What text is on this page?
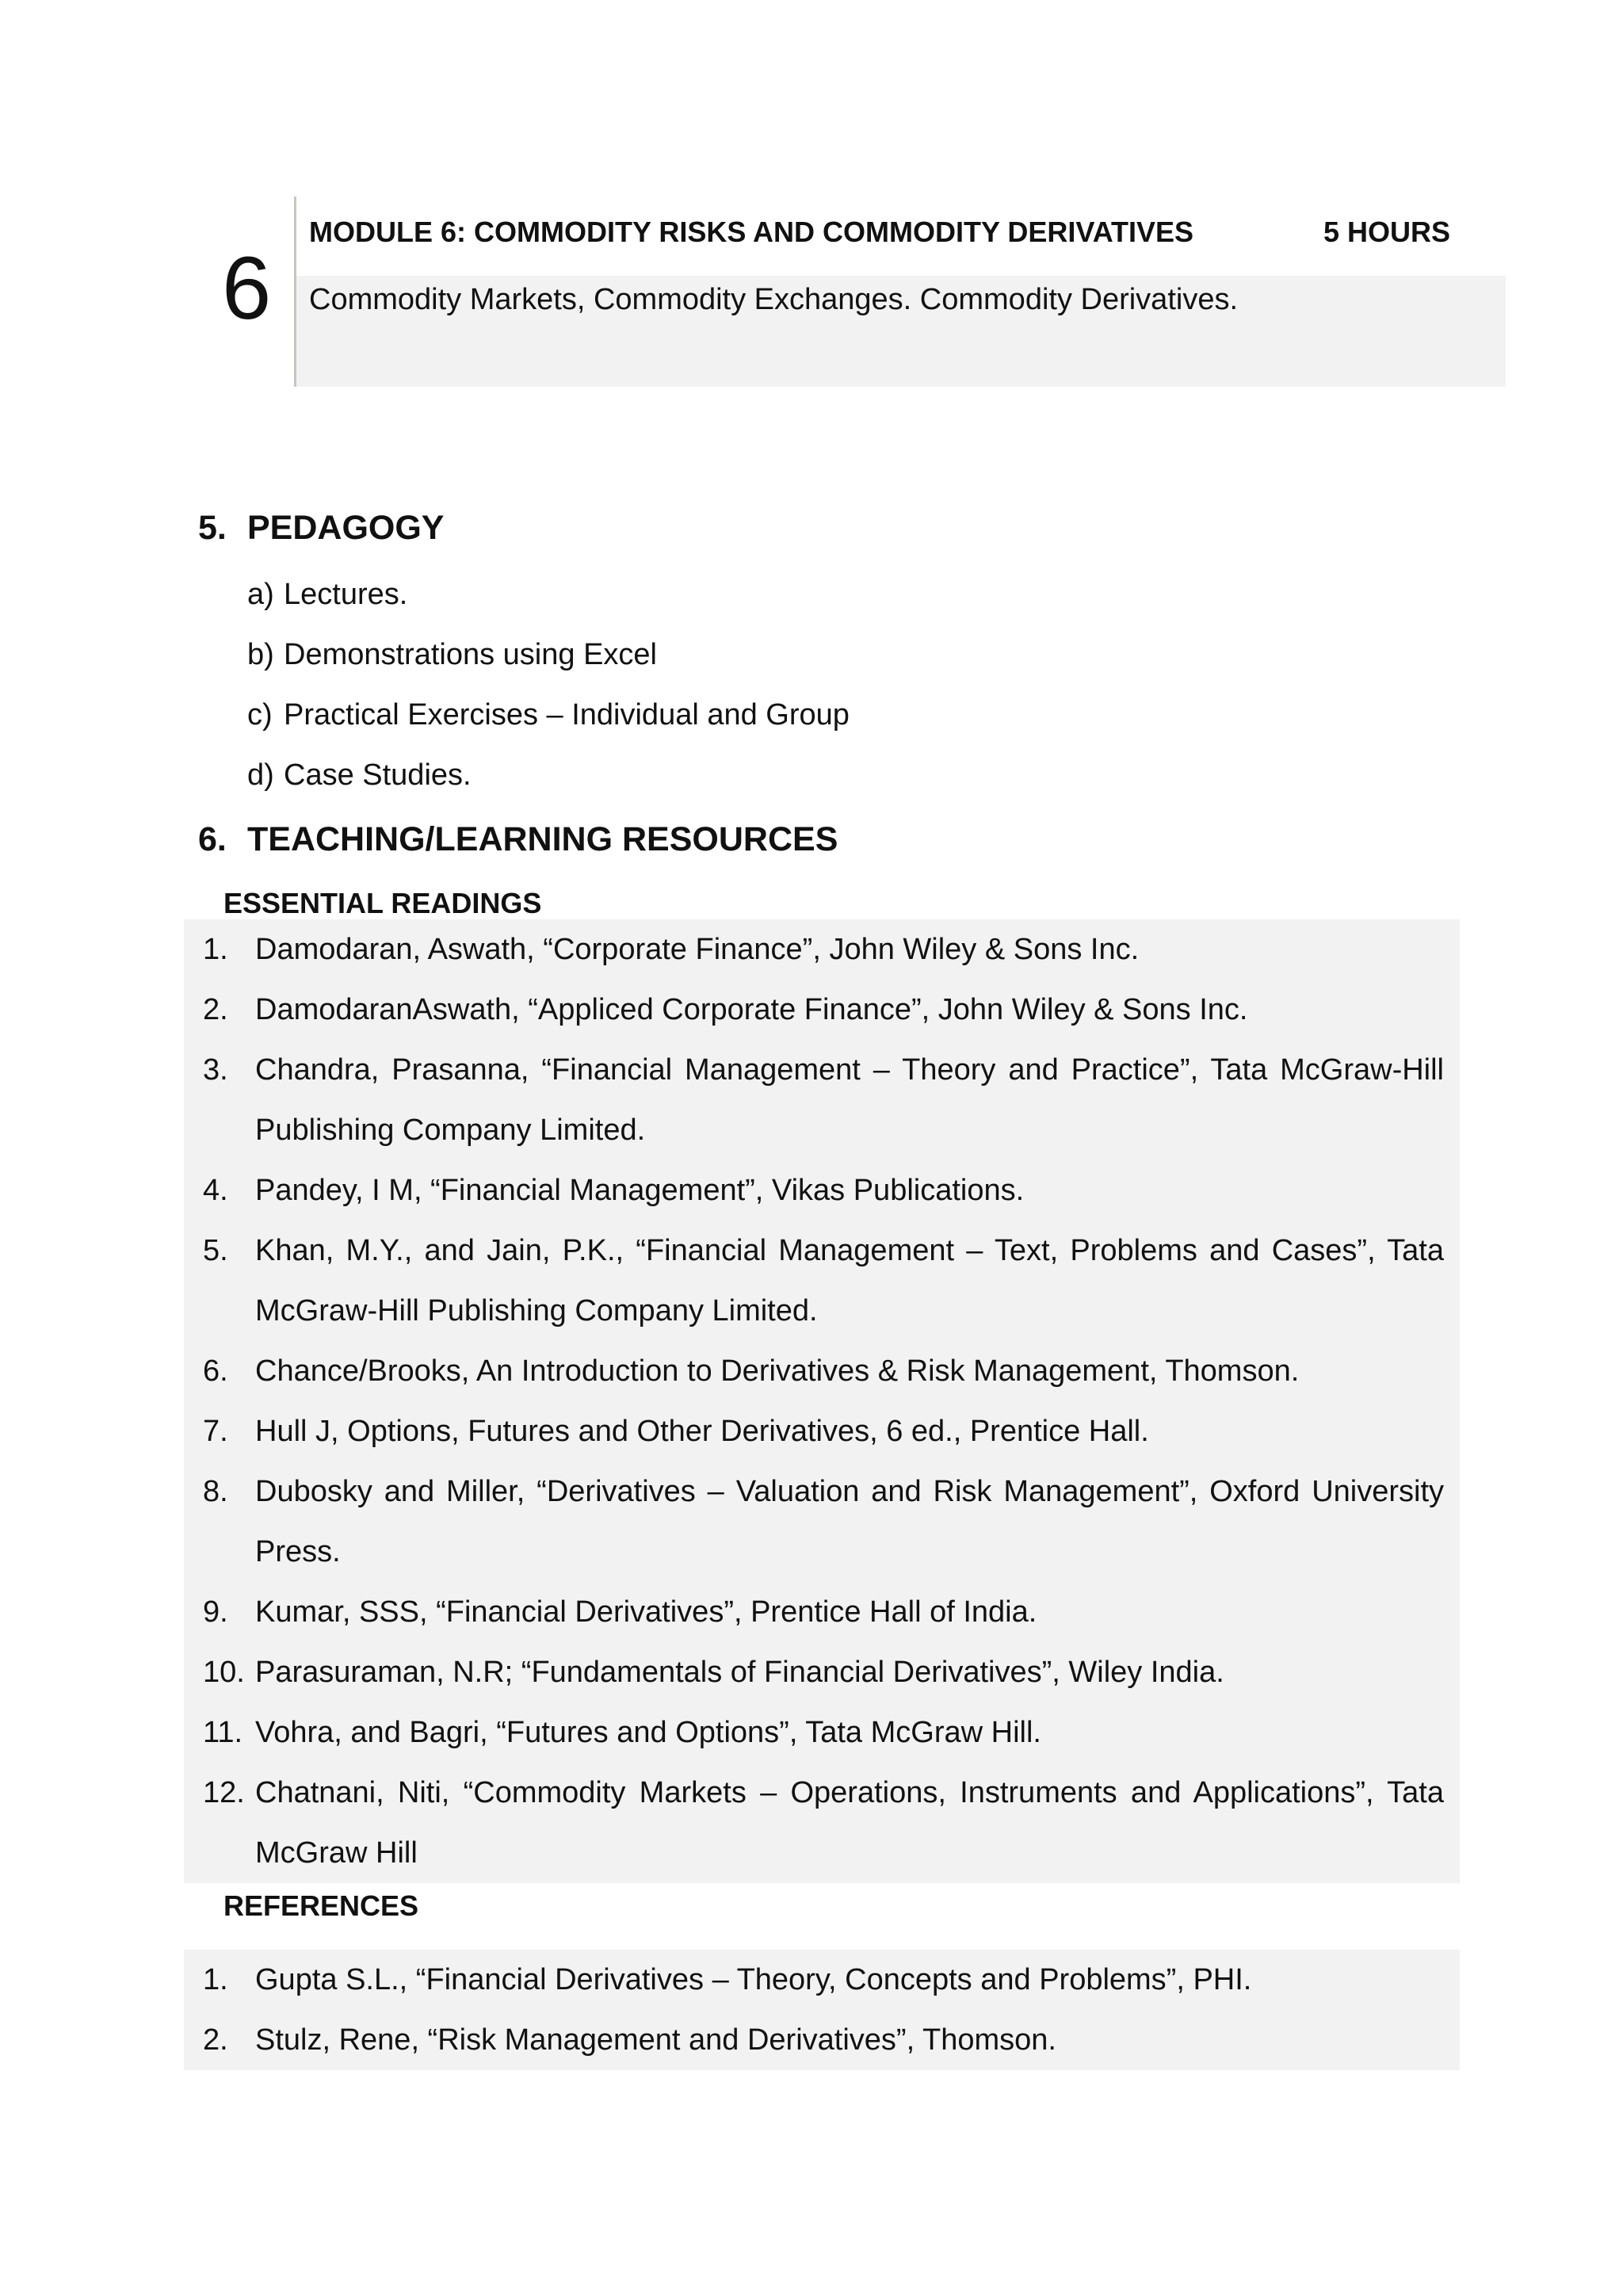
6
MODULE 6: COMMODITY RISKS AND COMMODITY DERIVATIVES	5 HOURS
Commodity Markets, Commodity Exchanges. Commodity Derivatives.
5. PEDAGOGY
a) Lectures.
b) Demonstrations using Excel
c) Practical Exercises – Individual and Group
d) Case Studies.
6. TEACHING/LEARNING RESOURCES
ESSENTIAL READINGS
1. Damodaran, Aswath, “Corporate Finance”, John Wiley & Sons Inc.
2. DamodaranAswath, “Appliced Corporate Finance”, John Wiley & Sons Inc.
3. Chandra, Prasanna, “Financial Management – Theory and Practice”, Tata McGraw-Hill Publishing Company Limited.
4. Pandey, I M, “Financial Management”, Vikas Publications.
5. Khan, M.Y., and Jain, P.K., “Financial Management – Text, Problems and Cases”, Tata McGraw-Hill Publishing Company Limited.
6. Chance/Brooks, An Introduction to Derivatives & Risk Management, Thomson.
7. Hull J, Options, Futures and Other Derivatives, 6 ed., Prentice Hall.
8. Dubosky and Miller, “Derivatives – Valuation and Risk Management”, Oxford University Press.
9. Kumar, SSS, “Financial Derivatives”, Prentice Hall of India.
10. Parasuraman, N.R; “Fundamentals of Financial Derivatives”, Wiley India.
11. Vohra, and Bagri, “Futures and Options”, Tata McGraw Hill.
12. Chatnani, Niti, “Commodity Markets – Operations, Instruments and Applications”, Tata McGraw Hill
REFERENCES
1. Gupta S.L., “Financial Derivatives – Theory, Concepts and Problems”, PHI.
2. Stulz, Rene, “Risk Management and Derivatives”, Thomson.
